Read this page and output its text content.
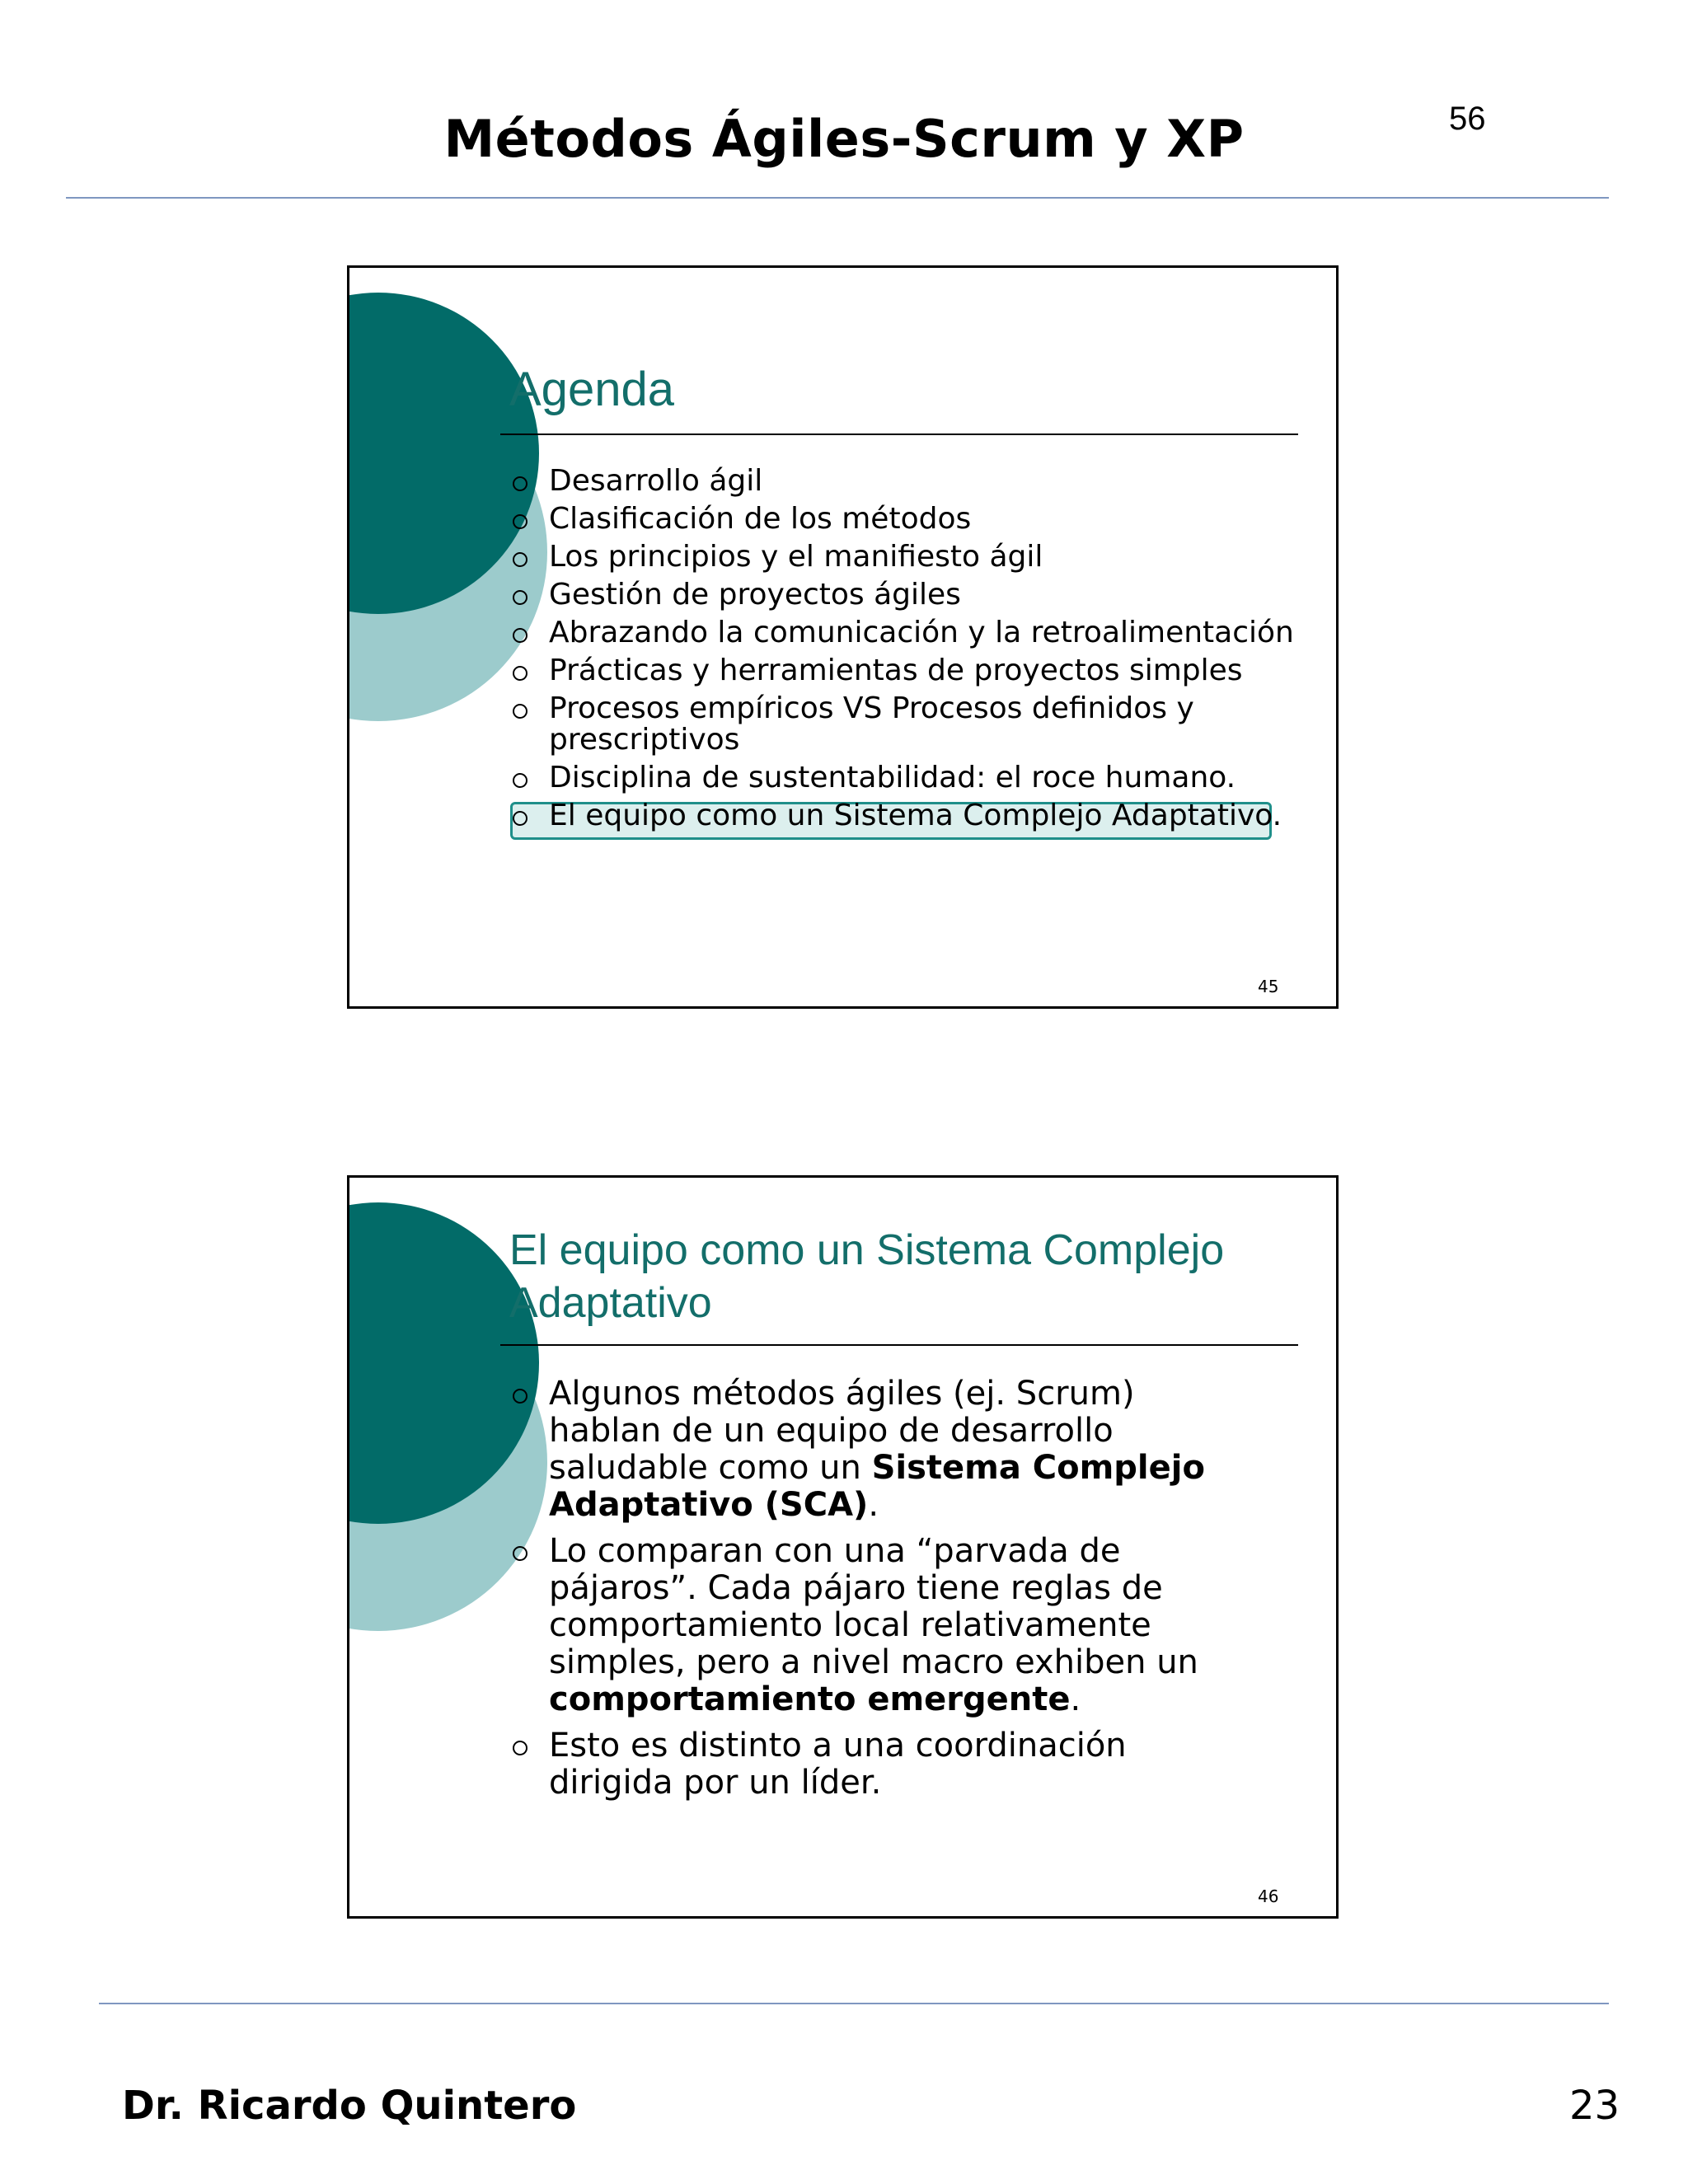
Métodos Ágiles-Scrum y XP	56
Agenda
Desarrollo ágil
Clasificación de los métodos
Los principios y el manifiesto ágil
Gestión de proyectos ágiles
Abrazando la comunicación y la retroalimentación
Prácticas y herramientas de proyectos simples
Procesos empíricos VS Procesos definidos y prescriptivos
Disciplina de sustentabilidad: el roce humano.
El equipo como un Sistema Complejo Adaptativo.
45
El equipo como un Sistema Complejo Adaptativo
Algunos métodos ágiles (ej. Scrum) hablan de un equipo de desarrollo saludable como un Sistema Complejo Adaptativo (SCA).
Lo comparan con una “parvada de pájaros”. Cada pájaro tiene reglas de comportamiento local relativamente simples, pero a nivel macro exhiben un comportamiento emergente.
Esto es distinto a una coordinación dirigida por un líder.
46
Dr. Ricardo Quintero	23
